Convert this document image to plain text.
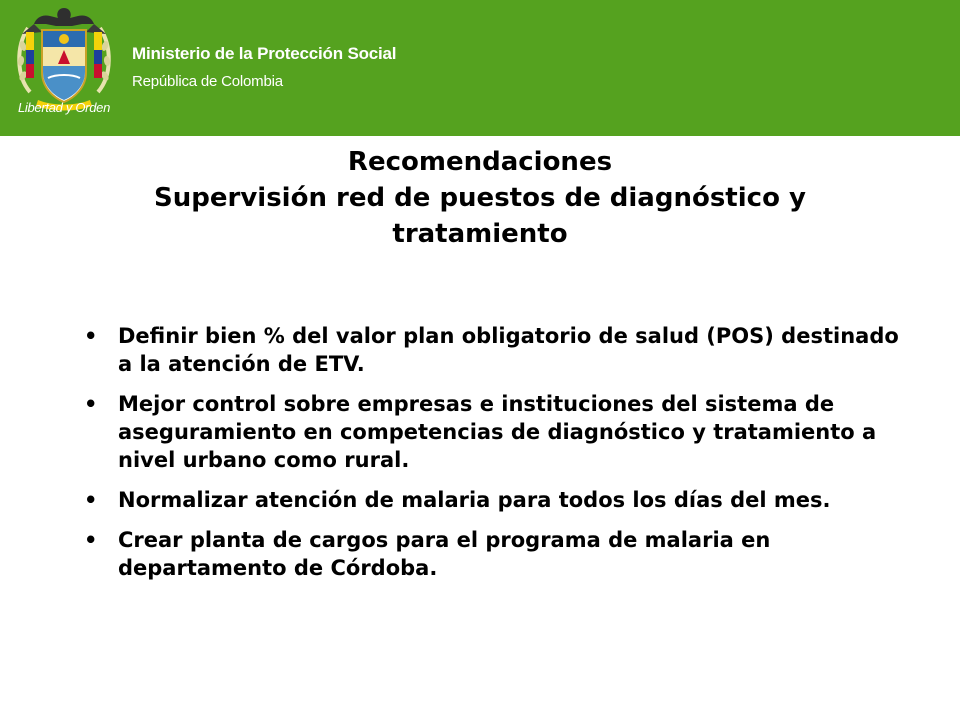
Libertad y Orden
Ministerio de la Protección Social
República de Colombia
Recomendaciones
Supervisión red de puestos de diagnóstico y
tratamiento
• Definir bien % del valor plan obligatorio de salud (POS) destinado a la atención de ETV.
• Mejor control sobre empresas e instituciones del sistema de aseguramiento en competencias de diagnóstico y tratamiento a nivel urbano como rural.
• Normalizar atención de malaria para todos los días del mes.
• Crear planta de cargos para el programa de malaria en departamento de Córdoba.
